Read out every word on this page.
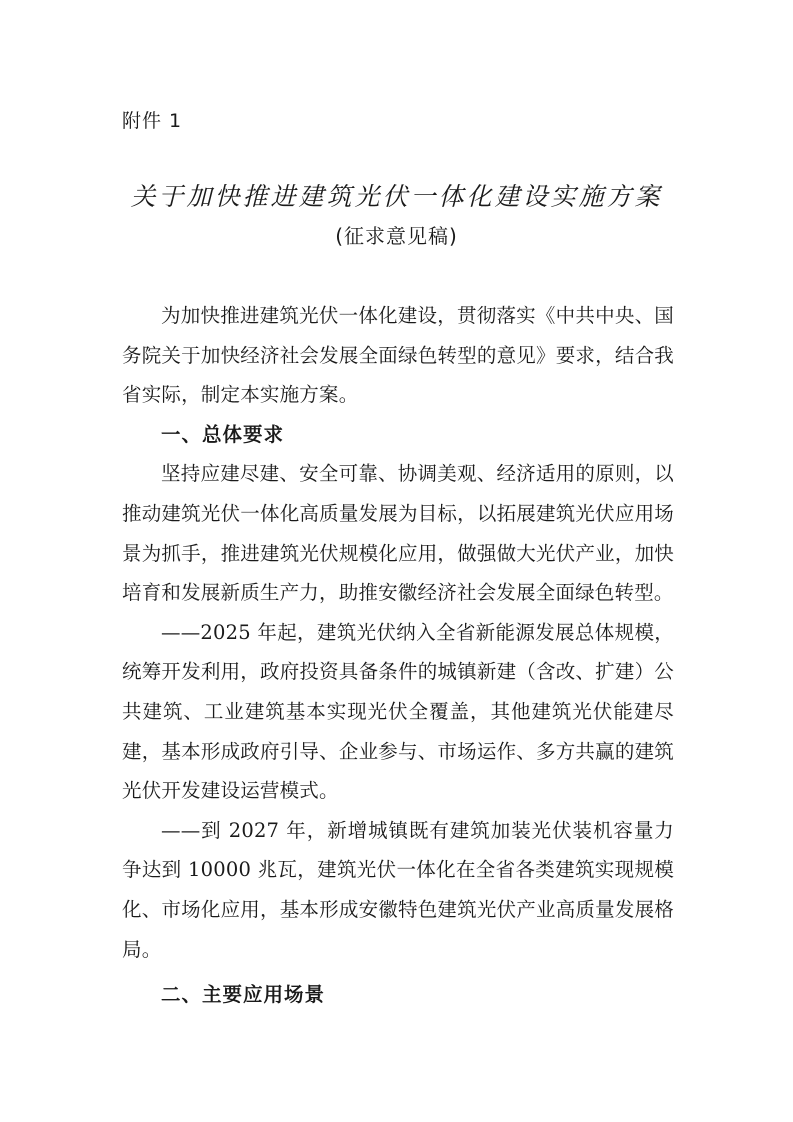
附件 1
关于加快推进建筑光伏一体化建设实施方案
(征求意见稿)

为加快推进建筑光伏一体化建设，贯彻落实《中共中央、国务院关于加快经济社会发展全面绿色转型的意见》要求，结合我省实际，制定本实施方案。

一、总体要求

坚持应建尽建、安全可靠、协调美观、经济适用的原则，以推动建筑光伏一体化高质量发展为目标，以拓展建筑光伏应用场景为抓手，推进建筑光伏规模化应用，做强做大光伏产业，加快培育和发展新质生产力，助推安徽经济社会发展全面绿色转型。

——2025 年起，建筑光伏纳入全省新能源发展总体规模，统筹开发利用，政府投资具备条件的城镇新建（含改、扩建）公共建筑、工业建筑基本实现光伏全覆盖，其他建筑光伏能建尽建，基本形成政府引导、企业参与、市场运作、多方共赢的建筑光伏开发建设运营模式。

——到 2027 年，新增城镇既有建筑加装光伏装机容量力争达到 10000 兆瓦，建筑光伏一体化在全省各类建筑实现规模化、市场化应用，基本形成安徽特色建筑光伏产业高质量发展格局。

二、主要应用场景
